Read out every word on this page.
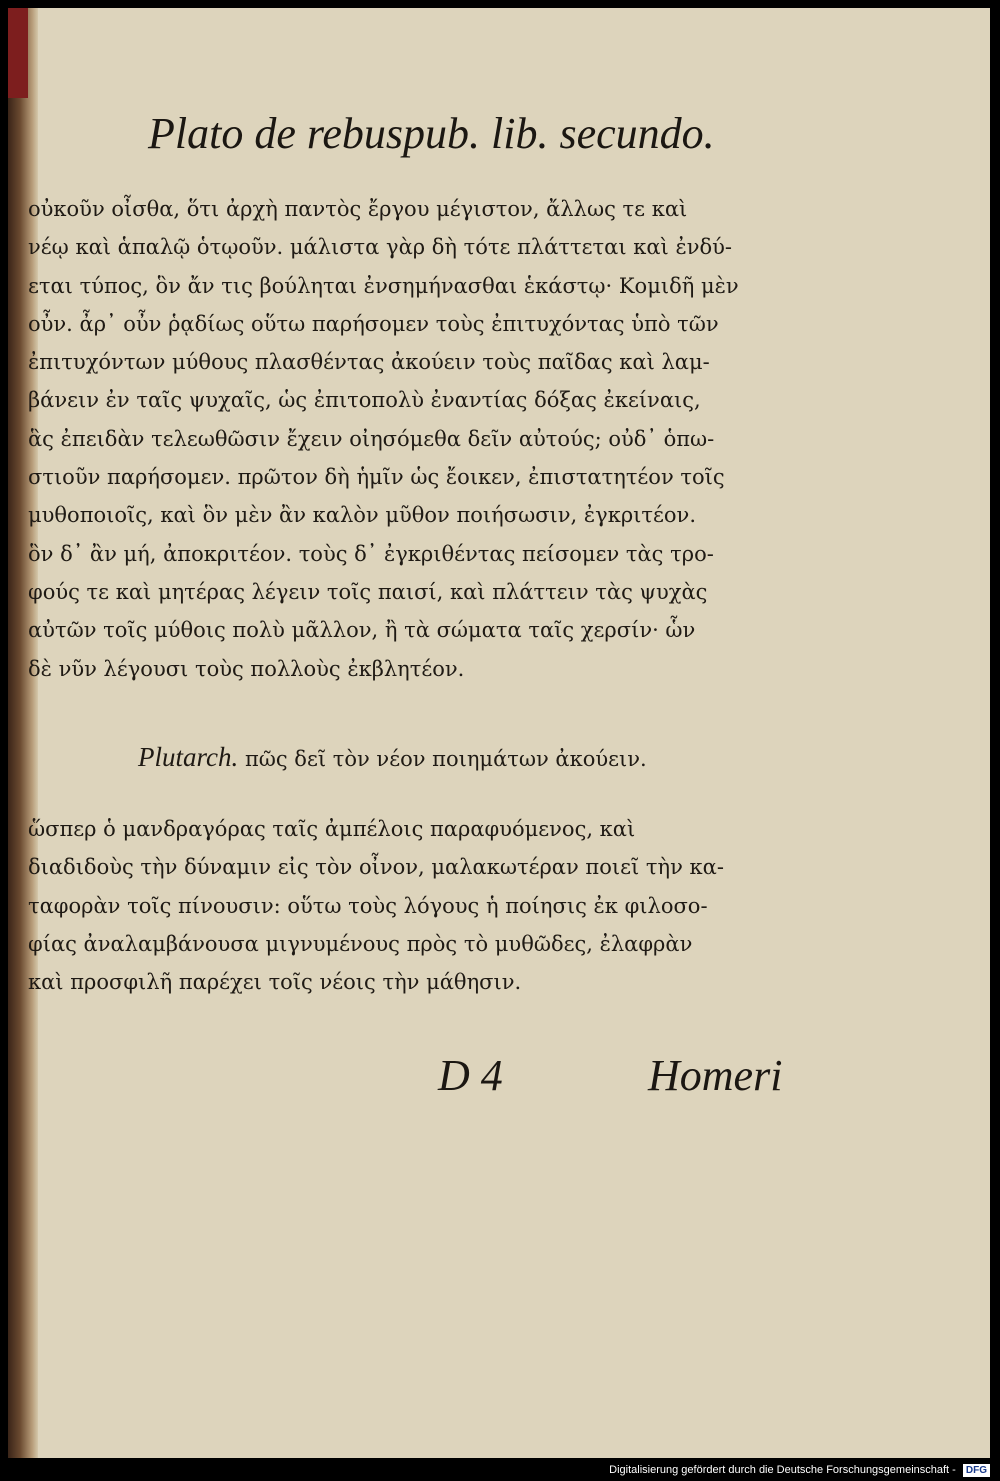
Plato de rebuspub. lib. secundo.
οὐκοῦν οἶσθα, ὅτι ἀρχὴ παντὸς ἔργου μέγιστον, ἄλλως τε καὶ
νέῳ καὶ ἁπαλῷ ὁτῳοῦν. μάλιστα γὰρ δὴ τότε πλάττεται καὶ ἐνδύ-
εται τύπος, ὃν ἄν τις βούληται ἐνσημήνασθαι ἑκάστῳ· Κομιδῆ μὲν
οὖν. ἆρ᾽ οὖν ῥᾳδίως οὕτω παρήσομεν τοὺς ἐπιτυχόντας ὑπὸ τῶν
ἐπιτυχόντων μύθους πλασθέντας ἀκούειν τοὺς παῖδας καὶ λαμ-
βάνειν ἐν ταῖς ψυχαῖς, ὡς ἐπιτοπολὺ ἐναντίας δόξας ἐκείναις,
ἃς ἐπειδὰν τελεωθῶσιν ἔχειν οἰησόμεθα δεῖν αὐτούς; οὐδ᾽ ὁπω-
στιοῦν παρήσομεν. πρῶτον δὴ ἡμῖν ὡς ἔοικεν, ἐπιστατητέον τοῖς
μυθοποιοῖς, καὶ ὃν μὲν ἂν καλὸν μῦθον ποιήσωσιν, ἐγκριτέον.
ὃν δ᾽ ἂν μή, ἀποκριτέον. τοὺς δ᾽ ἐγκριθέντας πείσομεν τὰς τρο-
φούς τε καὶ μητέρας λέγειν τοῖς παισί, καὶ πλάττειν τὰς ψυχὰς
αὐτῶν τοῖς μύθοις πολὺ μᾶλλον, ἢ τὰ σώματα ταῖς χερσίν· ὧν
δὲ νῦν λέγουσι τοὺς πολλοὺς ἐκβλητέον.
Plutarch. πῶς δεῖ τὸν νέον ποιημάτων ἀκούειν.
ὥσπερ ὁ μανδραγόρας ταῖς ἀμπέλοις παραφυόμενος, καὶ
διαδιδοὺς τὴν δύναμιν εἰς τὸν οἶνον, μαλακωτέραν ποιεῖ τὴν κα-
ταφορὰν τοῖς πίνουσιν: οὕτω τοὺς λόγους ἡ ποίησις ἐκ φιλοσο-
φίας ἀναλαμβάνουσα μιγνυμένους πρὸς τὸ μυθῶδες, ἐλαφρὰν
καὶ προσφιλῆ παρέχει τοῖς νέοις τὴν μάθησιν.
D 4	Homeri
Digitalisierung gefördert durch die Deutsche Forschungsgemeinschaft - DFG
